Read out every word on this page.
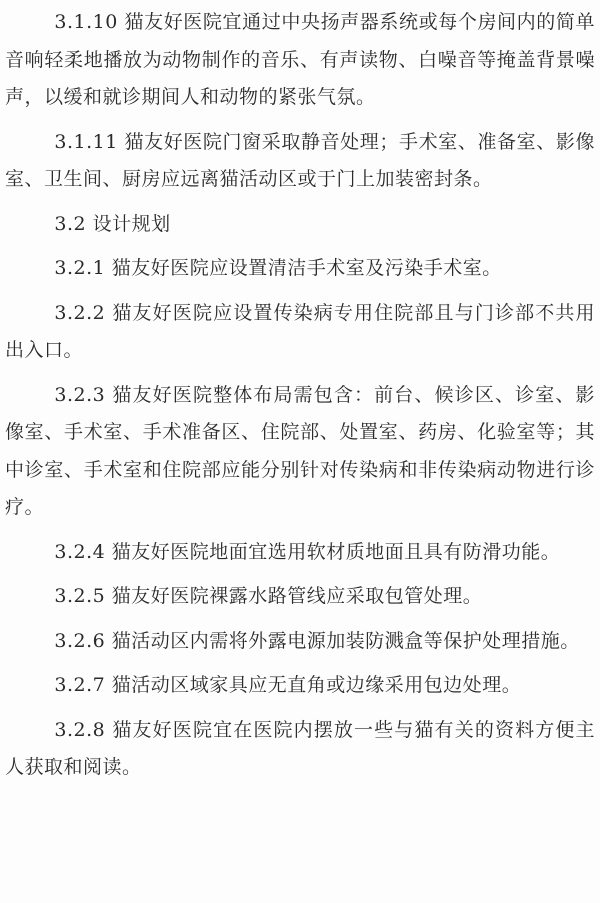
3.1.10 猫友好医院宜通过中央扬声器系统或每个房间内的简单音响轻柔地播放为动物制作的音乐、有声读物、白噪音等掩盖背景噪声，以缓和就诊期间人和动物的紧张气氛。

3.1.11 猫友好医院门窗采取静音处理；手术室、准备室、影像室、卫生间、厨房应远离猫活动区或于门上加装密封条。

3.2 设计规划

3.2.1 猫友好医院应设置清洁手术室及污染手术室。

3.2.2 猫友好医院应设置传染病专用住院部且与门诊部不共用出入口。

3.2.3 猫友好医院整体布局需包含：前台、候诊区、诊室、影像室、手术室、手术准备区、住院部、处置室、药房、化验室等；其中诊室、手术室和住院部应能分别针对传染病和非传染病动物进行诊疗。

3.2.4 猫友好医院地面宜选用软材质地面且具有防滑功能。

3.2.5 猫友好医院裸露水路管线应采取包管处理。

3.2.6 猫活动区内需将外露电源加装防溅盒等保护处理措施。

3.2.7 猫活动区域家具应无直角或边缘采用包边处理。

3.2.8 猫友好医院宜在医院内摆放一些与猫有关的资料方便主人获取和阅读。
